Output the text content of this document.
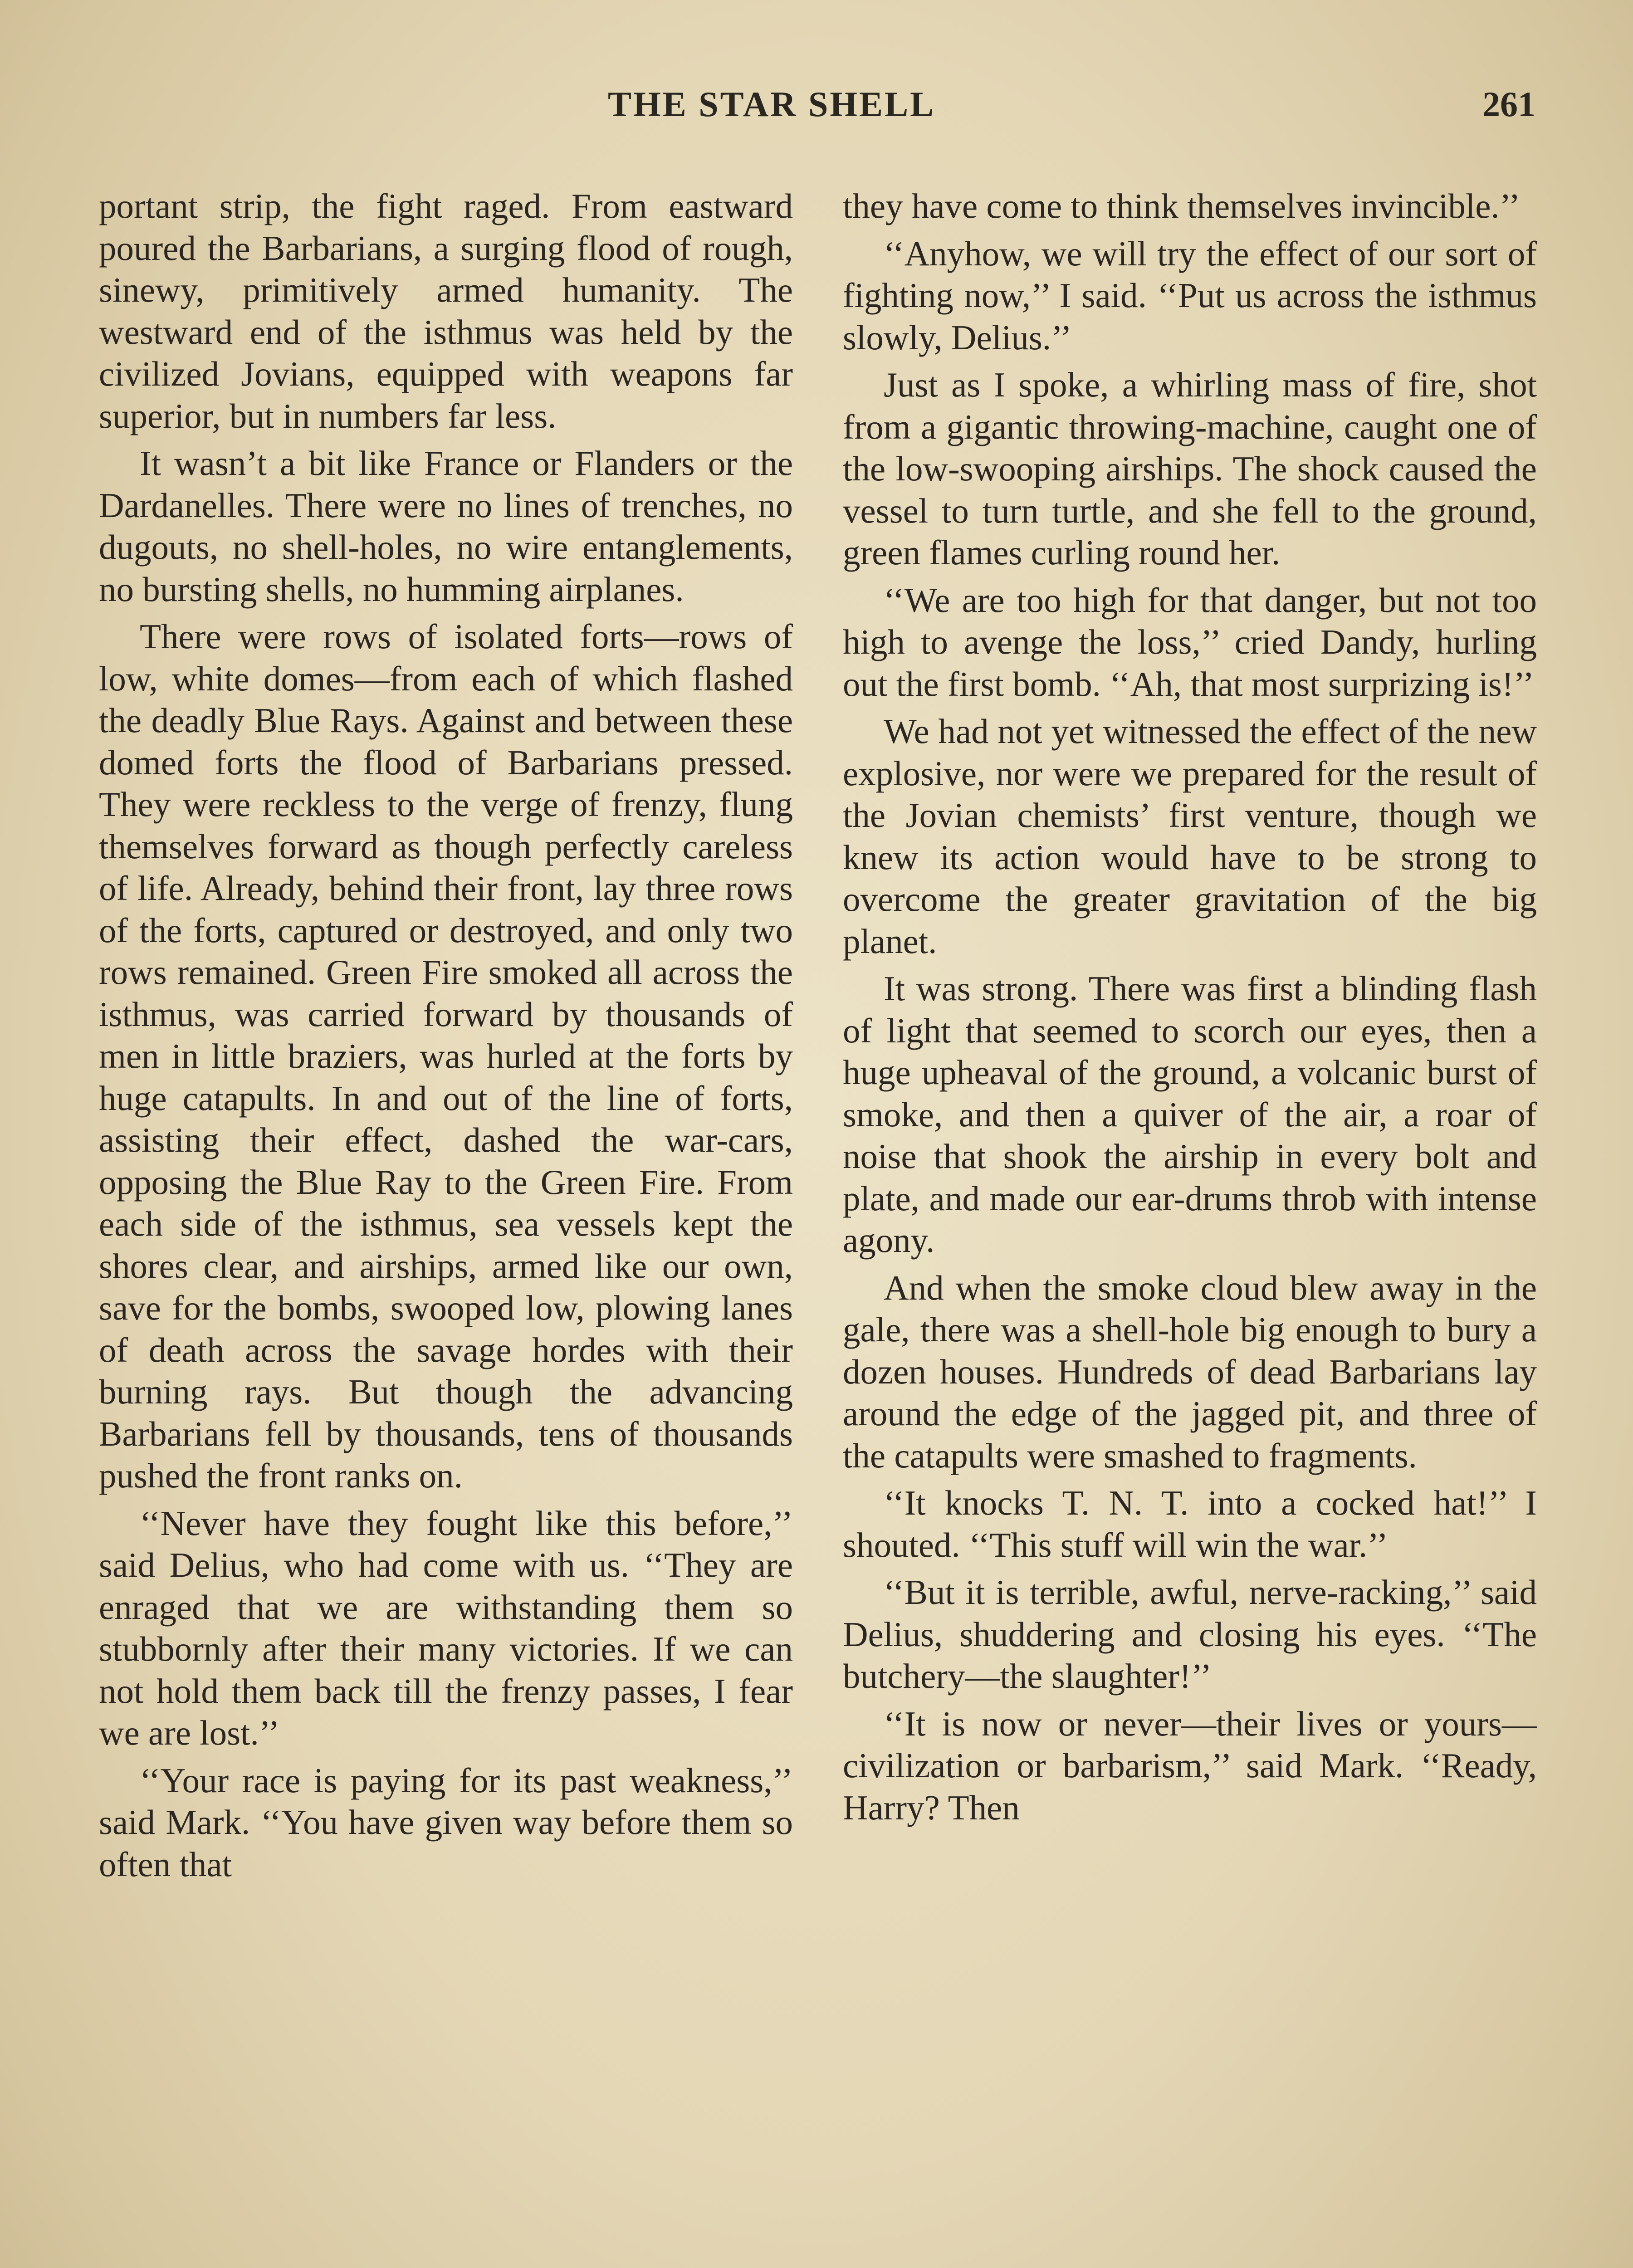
THE STAR SHELL	261

portant strip, the fight raged. From eastward poured the Barbarians, a surging flood of rough, sinewy, primitively armed humanity. The westward end of the isthmus was held by the civilized Jovians, equipped with weapons far superior, but in numbers far less.

It wasn’t a bit like France or Flanders or the Dardanelles. There were no lines of trenches, no dugouts, no shell-holes, no wire entanglements, no bursting shells, no humming airplanes.

There were rows of isolated forts—rows of low, white domes—from each of which flashed the deadly Blue Rays. Against and between these domed forts the flood of Barbarians pressed. They were reckless to the verge of frenzy, flung themselves forward as though perfectly careless of life. Already, behind their front, lay three rows of the forts, captured or destroyed, and only two rows remained. Green Fire smoked all across the isthmus, was carried forward by thousands of men in little braziers, was hurled at the forts by huge catapults. In and out of the line of forts, assisting their effect, dashed the war-cars, opposing the Blue Ray to the Green Fire. From each side of the isthmus, sea vessels kept the shores clear, and airships, armed like our own, save for the bombs, swooped low, plowing lanes of death across the savage hordes with their burning rays. But though the advancing Barbarians fell by thousands, tens of thousands pushed the front ranks on.

‘‘Never have they fought like this before,’’ said Delius, who had come with us. ‘‘They are enraged that we are withstanding them so stubbornly after their many victories. If we can not hold them back till the frenzy passes, I fear we are lost.’’

‘‘Your race is paying for its past weakness,’’ said Mark. ‘‘You have given way before them so often that

they have come to think themselves invincible.’’

‘‘Anyhow, we will try the effect of our sort of fighting now,’’ I said. ‘‘Put us across the isthmus slowly, Delius.’’

Just as I spoke, a whirling mass of fire, shot from a gigantic throwing-machine, caught one of the low-swooping airships. The shock caused the vessel to turn turtle, and she fell to the ground, green flames curling round her.

‘‘We are too high for that danger, but not too high to avenge the loss,’’ cried Dandy, hurling out the first bomb. ‘‘Ah, that most surprizing is!’’

We had not yet witnessed the effect of the new explosive, nor were we prepared for the result of the Jovian chemists’ first venture, though we knew its action would have to be strong to overcome the greater gravitation of the big planet.

It was strong. There was first a blinding flash of light that seemed to scorch our eyes, then a huge upheaval of the ground, a volcanic burst of smoke, and then a quiver of the air, a roar of noise that shook the airship in every bolt and plate, and made our ear-drums throb with intense agony.

And when the smoke cloud blew away in the gale, there was a shell-hole big enough to bury a dozen houses. Hundreds of dead Barbarians lay around the edge of the jagged pit, and three of the catapults were smashed to fragments.

‘‘It knocks T. N. T. into a cocked hat!’’ I shouted. ‘‘This stuff will win the war.’’

‘‘But it is terrible, awful, nerve-racking,’’ said Delius, shuddering and closing his eyes. ‘‘The butchery—the slaughter!’’

‘‘It is now or never—their lives or yours—civilization or barbarism,’’ said Mark. ‘‘Ready, Harry? Then
